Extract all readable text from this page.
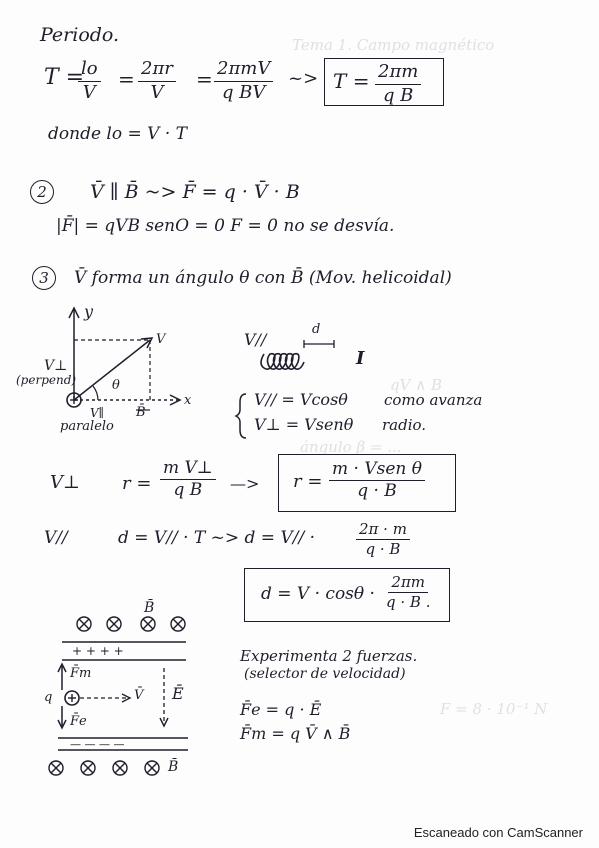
Tema 1. Campo magnético
qV ∧ B
ángulo β = ...
F = 8 · 10⁻¹ N
Periodo.
T =
$\frac{lo}{V} = \frac{2\pi r}{V} = 2\pi mV$
q BV
~> $T = \frac{2\pi m}{\text{q B}}$
donde lo = V · T
2	V̄ ∥ B̄ ~> F̄ = q · V̄ · B
|F̄| = qVB senO = 0 F = 0 no se desvía.
3	V̄ forma un ángulo θ con B̄ (Mov. helicoidal)
y
V
V⊥
(perpend)	θ
x
V∥ B̄
paralelo
V//
d
I
V// = Vcosθ como avanza
V⊥ = Vsenθ radio.
V⊥ $r = \frac{\text{m V⊥}}{\text{q B}}$ —> r =
m · Vsen θ
q · B
V//	d = V// · T ~> d = V// ·	$\frac{2\pi \cdot m}{q \cdot B}$
$d = V \cdot \cos\theta \cdot \frac{2\pi m}{q \cdot B .}$
B̄
+ + + +
F̄m
q	V̄ Ē
F̄e
— — — —
B̄
Experimenta 2 fuerzas.
(selector de velocidad)
F̄e = q · Ē
F̄m = q V̄ ∧ B̄
Escaneado con CamScanner
